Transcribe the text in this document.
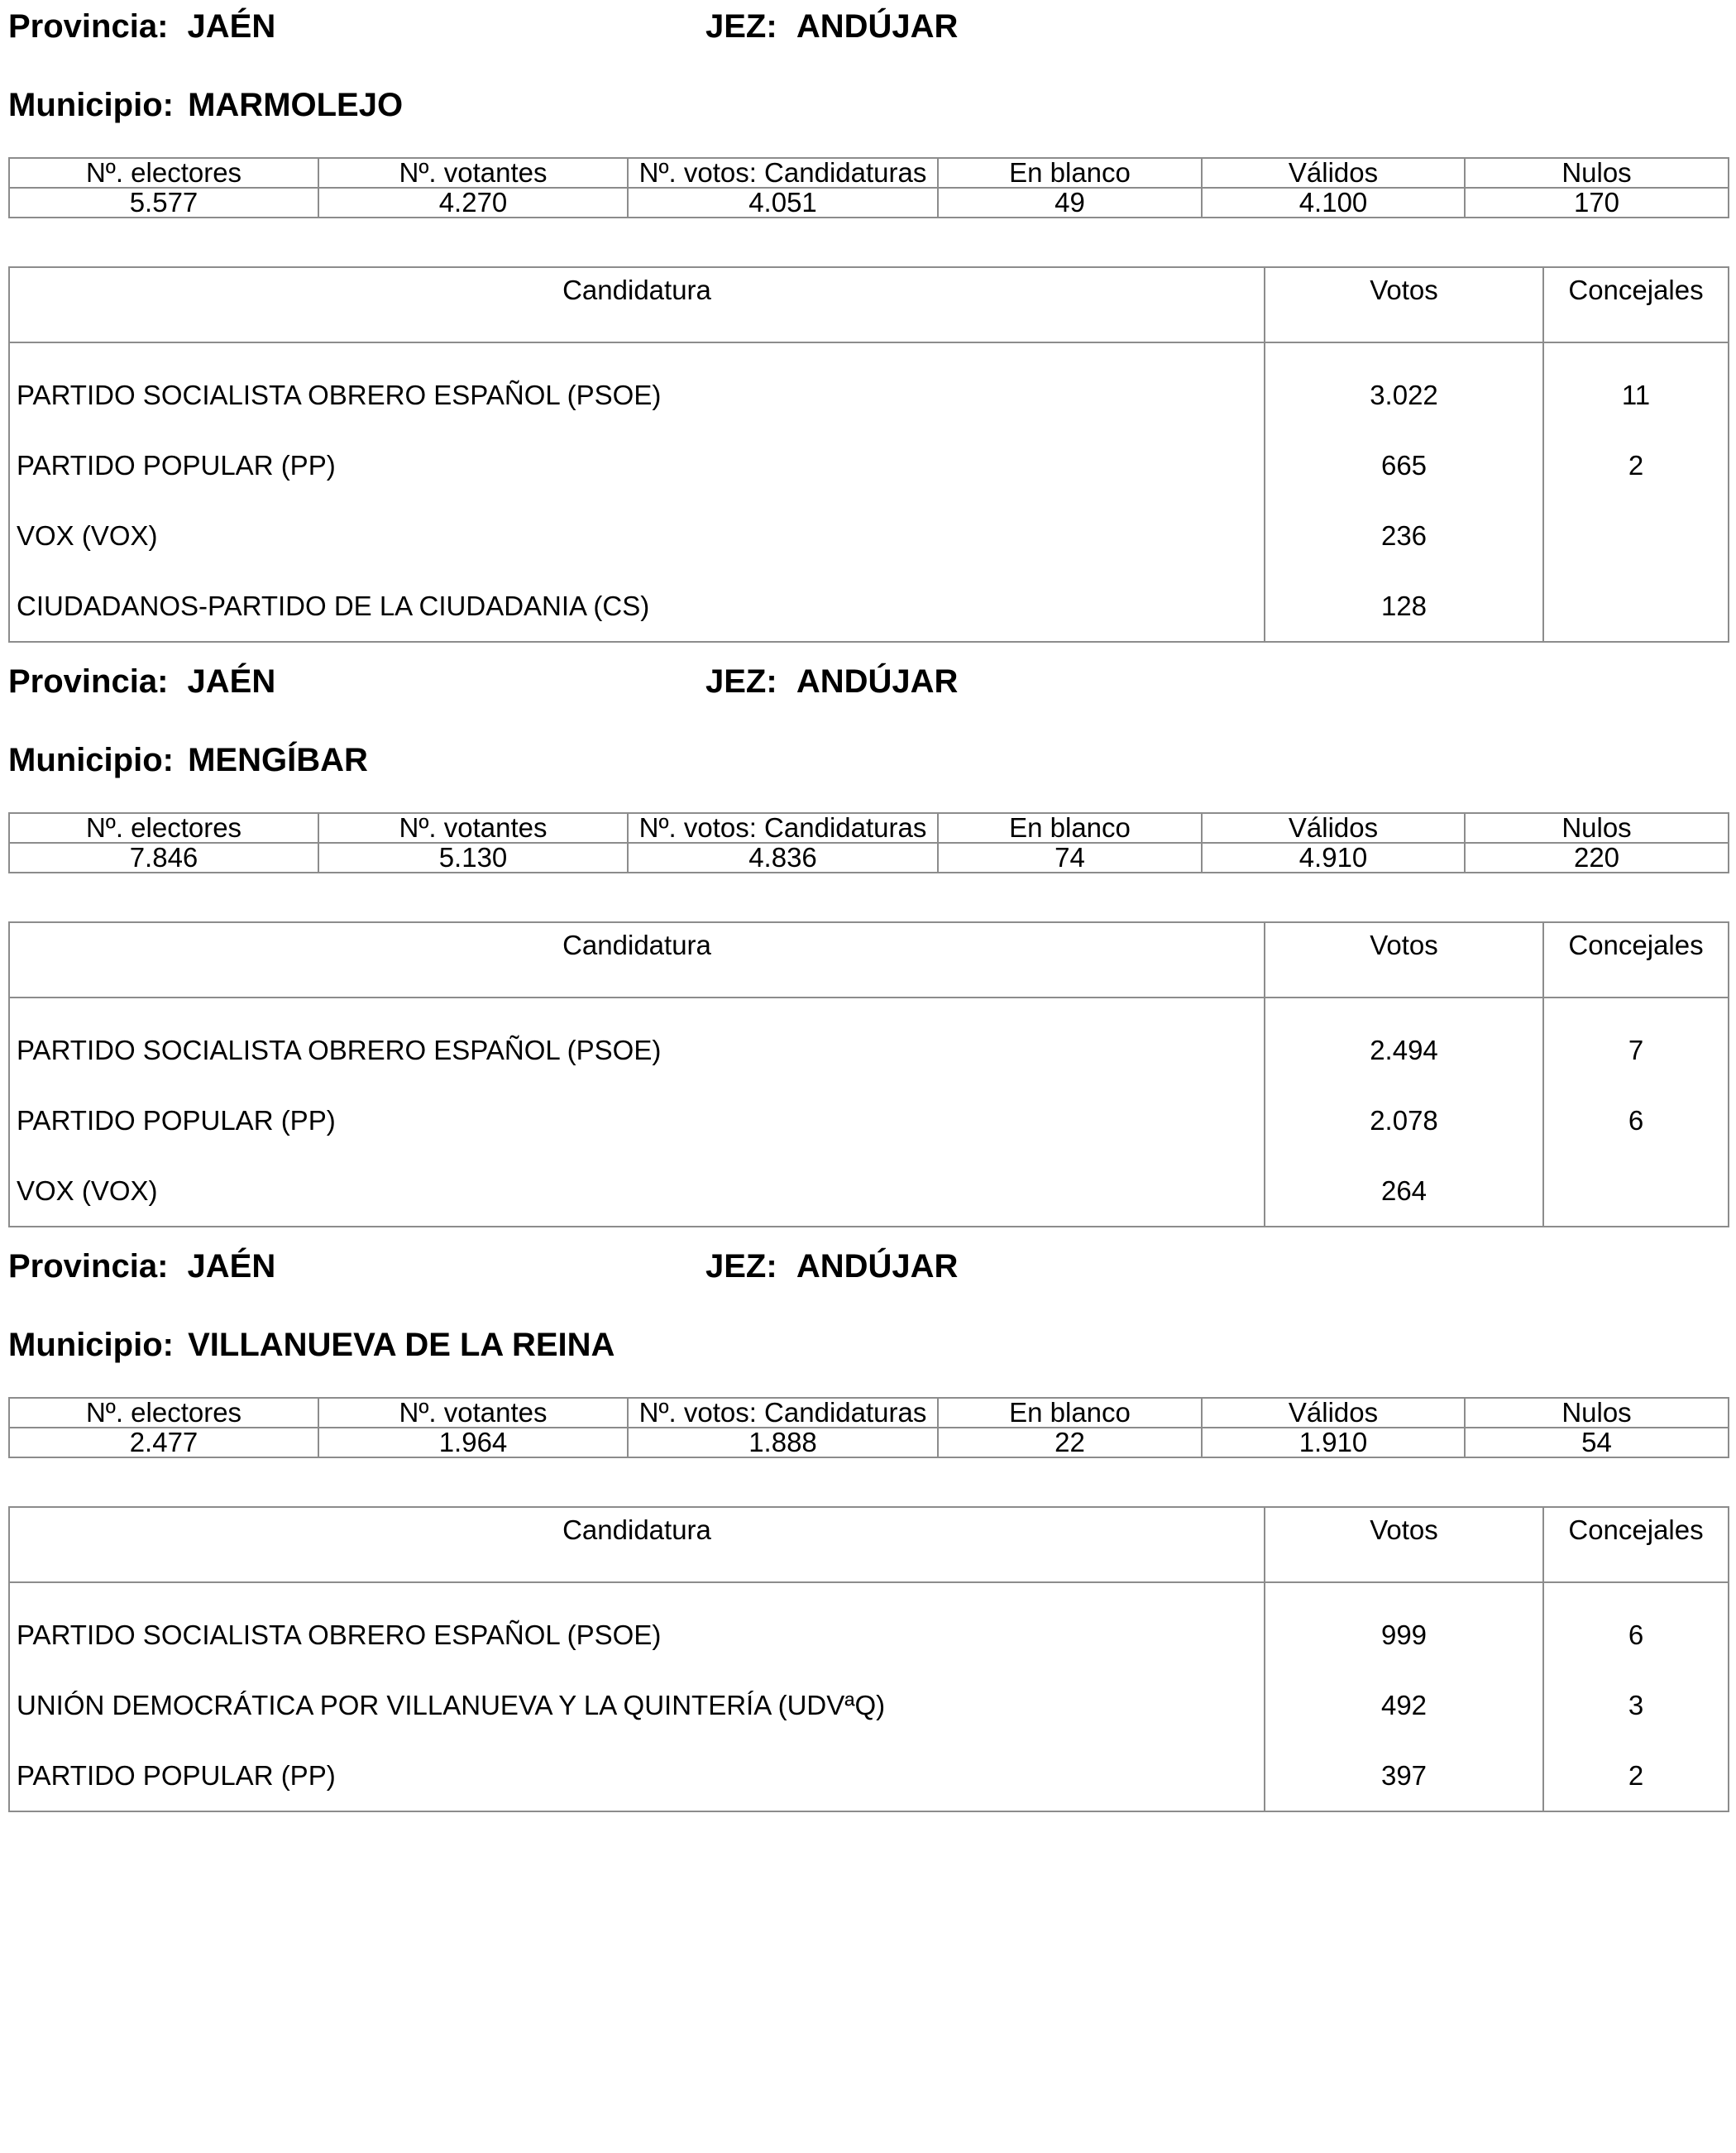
Provincia: JAÉN	JEZ: ANDÚJAR
Municipio: MARMOLEJO
Nº. electores	Nº. votantes	Nº. votos: Candidaturas	En blanco	Válidos	Nulos
5.577	4.270	4.051	49	4.100	170
Candidatura	Votos	Concejales
PARTIDO SOCIALISTA OBRERO ESPAÑOL (PSOE)	3.022	11
PARTIDO POPULAR (PP)	665	2
VOX (VOX)	236	
CIUDADANOS-PARTIDO DE LA CIUDADANIA (CS)	128	
Provincia: JAÉN	JEZ: ANDÚJAR
Municipio: MENGÍBAR
Nº. electores	Nº. votantes	Nº. votos: Candidaturas	En blanco	Válidos	Nulos
7.846	5.130	4.836	74	4.910	220
Candidatura	Votos	Concejales
PARTIDO SOCIALISTA OBRERO ESPAÑOL (PSOE)	2.494	7
PARTIDO POPULAR (PP)	2.078	6
VOX (VOX)	264	
Provincia: JAÉN	JEZ: ANDÚJAR
Municipio: VILLANUEVA DE LA REINA
Nº. electores	Nº. votantes	Nº. votos: Candidaturas	En blanco	Válidos	Nulos
2.477	1.964	1.888	22	1.910	54
Candidatura	Votos	Concejales
PARTIDO SOCIALISTA OBRERO ESPAÑOL (PSOE)	999	6
UNIÓN DEMOCRÁTICA POR VILLANUEVA Y LA QUINTERÍA (UDVªQ)	492	3
PARTIDO POPULAR (PP)	397	2
